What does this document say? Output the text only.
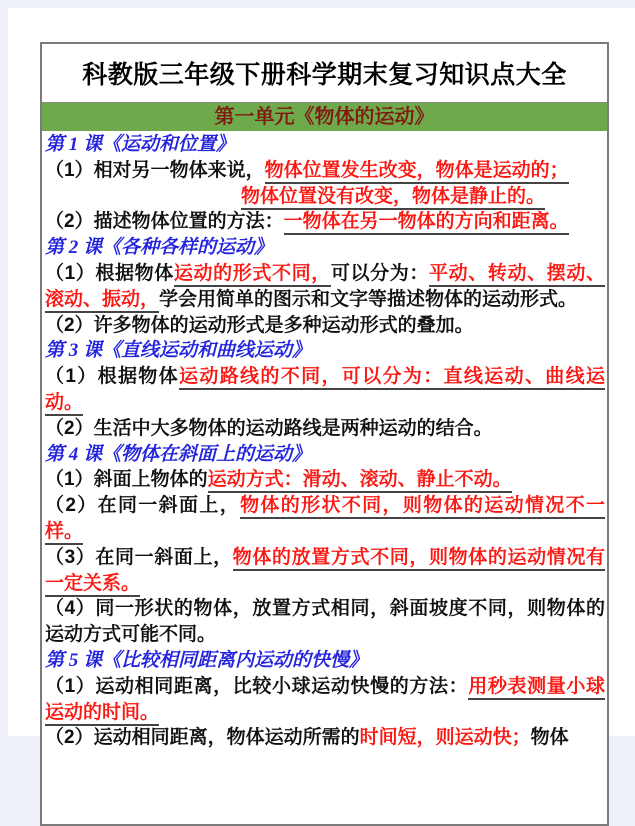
科教版三年级下册科学期末复习知识点大全
第一单元《物体的运动》
第 1 课《运动和位置》
（1）相对另一物体来说，物体位置发生改变，物体是运动的；
物体位置没有改变，物体是静止的。
（2）描述物体位置的方法：一物体在另一物体的方向和距离。
第 2 课《各种各样的运动》
（1）根据物体运动的形式不同，可以分为：平动、转动、摆动、滚动、振动，学会用简单的图示和文字等描述物体的运动形式。
（2）许多物体的运动形式是多种运动形式的叠加。
第 3 课《直线运动和曲线运动》
（1）根据物体运动路线的不同，可以分为：直线运动、曲线运动。
（2）生活中大多物体的运动路线是两种运动的结合。
第 4 课《物体在斜面上的运动》
（1）斜面上物体的运动方式：滑动、滚动、静止不动。
（2）在同一斜面上，物体的形状不同，则物体的运动情况不一样。
（3）在同一斜面上，物体的放置方式不同，则物体的运动情况有一定关系。
（4）同一形状的物体，放置方式相同，斜面坡度不同，则物体的运动方式可能不同。
第 5 课《比较相同距离内运动的快慢》
（1）运动相同距离，比较小球运动快慢的方法：用秒表测量小球运动的时间。
（2）运动相同距离，物体运动所需的时间短，则运动快；物体
